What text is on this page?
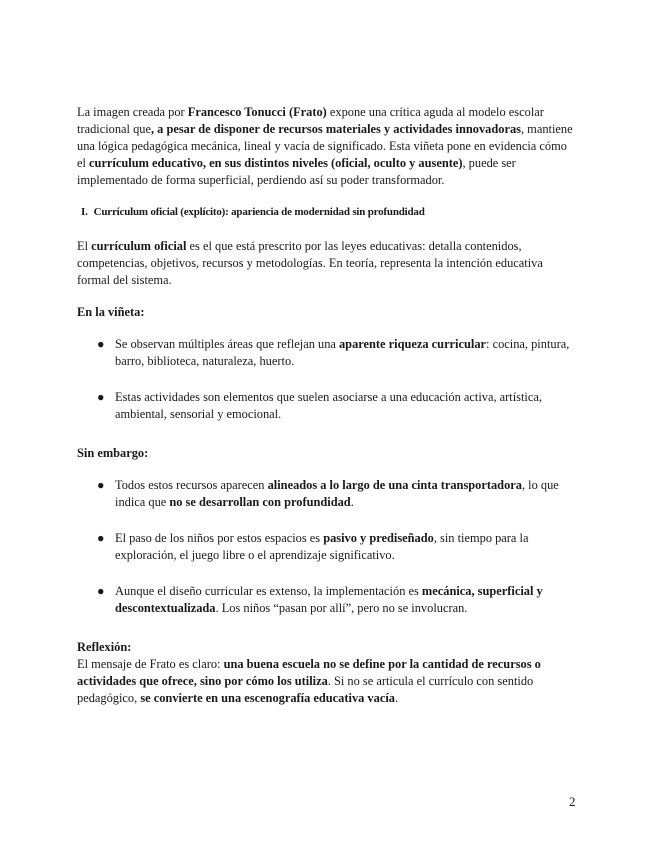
La imagen creada por Francesco Tonucci (Frato) expone una crítica aguda al modelo escolar tradicional que, a pesar de disponer de recursos materiales y actividades innovadoras, mantiene una lógica pedagógica mecánica, lineal y vacía de significado. Esta viñeta pone en evidencia cómo el currículum educativo, en sus distintos niveles (oficial, oculto y ausente), puede ser implementado de forma superficial, perdiendo así su poder transformador.

I. Currículum oficial (explícito): apariencia de modernidad sin profundidad

El currículum oficial es el que está prescrito por las leyes educativas: detalla contenidos, competencias, objetivos, recursos y metodologías. En teoría, representa la intención educativa formal del sistema.

En la viñeta:

● Se observan múltiples áreas que reflejan una aparente riqueza curricular: cocina, pintura, barro, biblioteca, naturaleza, huerto.
● Estas actividades son elementos que suelen asociarse a una educación activa, artística, ambiental, sensorial y emocional.

Sin embargo:

● Todos estos recursos aparecen alineados a lo largo de una cinta transportadora, lo que indica que no se desarrollan con profundidad.
● El paso de los niños por estos espacios es pasivo y prediseñado, sin tiempo para la exploración, el juego libre o el aprendizaje significativo.
● Aunque el diseño curricular es extenso, la implementación es mecánica, superficial y descontextualizada. Los niños “pasan por allí”, pero no se involucran.

Reflexión:

El mensaje de Frato es claro: una buena escuela no se define por la cantidad de recursos o actividades que ofrece, sino por cómo los utiliza. Si no se articula el currículo con sentido pedagógico, se convierte en una escenografía educativa vacía.

2
